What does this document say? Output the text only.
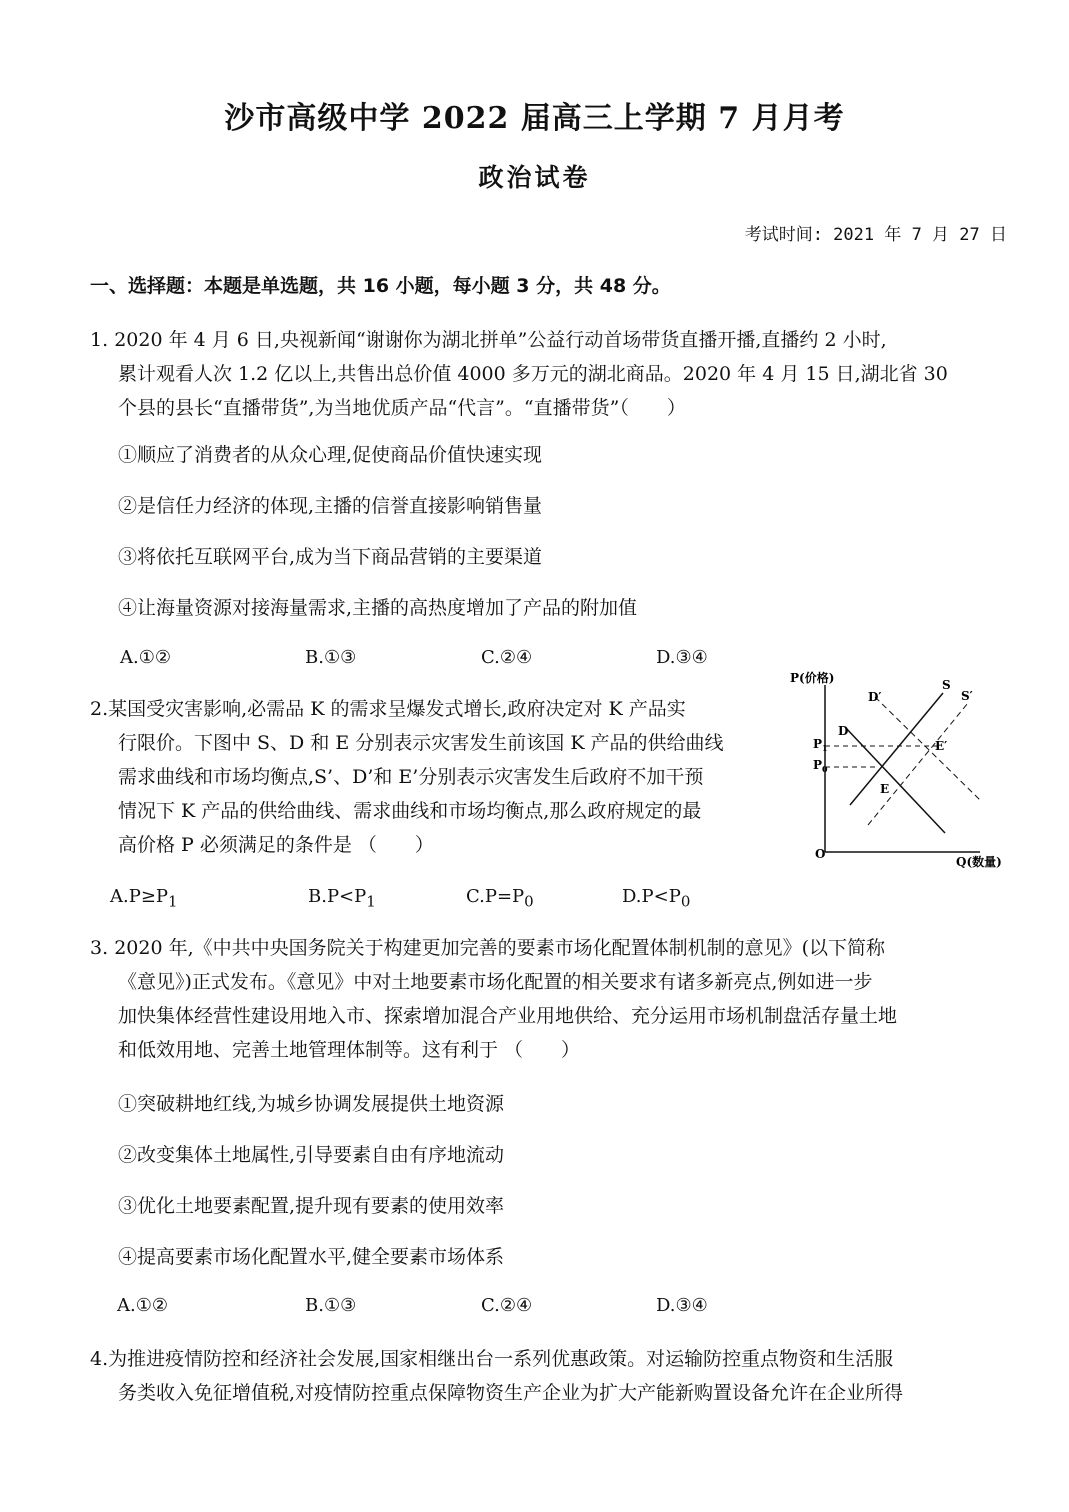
沙市高级中学 2022 届高三上学期 7 月月考
政治试卷
考试时间: 2021 年 7 月 27 日
一、选择题：本题是单选题，共 16 小题，每小题 3 分，共 48 分。
1. 2020 年 4 月 6 日,央视新闻“谢谢你为湖北拼单”公益行动首场带货直播开播,直播约 2 小时,
累计观看人次 1.2 亿以上,共售出总价值 4000 多万元的湖北商品。2020 年 4 月 15 日,湖北省 30
个县的县长“直播带货”,为当地优质产品“代言”。“直播带货”（　　）
①顺应了消费者的从众心理,促使商品价值快速实现
②是信任力经济的体现,主播的信誉直接影响销售量
③将依托互联网平台,成为当下商品营销的主要渠道
④让海量资源对接海量需求,主播的高热度增加了产品的附加值
A.①②	B.①③	C.②④	D.③④
2.某国受灾害影响,必需品 K 的需求呈爆发式增长,政府决定对 K 产品实
行限价。下图中 S、D 和 E 分别表示灾害发生前该国 K 产品的供给曲线
需求曲线和市场均衡点,S’、D’和 E’分别表示灾害发生后政府不加干预
情况下 K 产品的供给曲线、需求曲线和市场均衡点,那么政府规定的最
高价格 P 必须满足的条件是 （　　）
$A.P\ge P_1$	$B.P<P_1$	$C.P=P_0$	$D.P<P_0$
P(价格)
Q(数量)
O
$P_1$
$P_0$
S
S′
D
D′
E
E′
3. 2020 年,《中共中央国务院关于构建更加完善的要素市场化配置体制机制的意见》(以下简称
《意见》)正式发布。《意见》中对土地要素市场化配置的相关要求有诸多新亮点,例如进一步
加快集体经营性建设用地入市、探索增加混合产业用地供给、充分运用市场机制盘活存量土地
和低效用地、完善土地管理体制等。这有利于 （　　）
①突破耕地红线,为城乡协调发展提供土地资源
②改变集体土地属性,引导要素自由有序地流动
③优化土地要素配置,提升现有要素的使用效率
④提高要素市场化配置水平,健全要素市场体系
A.①②	B.①③	C.②④	D.③④
4.为推进疫情防控和经济社会发展,国家相继出台一系列优惠政策。对运输防控重点物资和生活服
务类收入免征增值税,对疫情防控重点保障物资生产企业为扩大产能新购置设备允许在企业所得
